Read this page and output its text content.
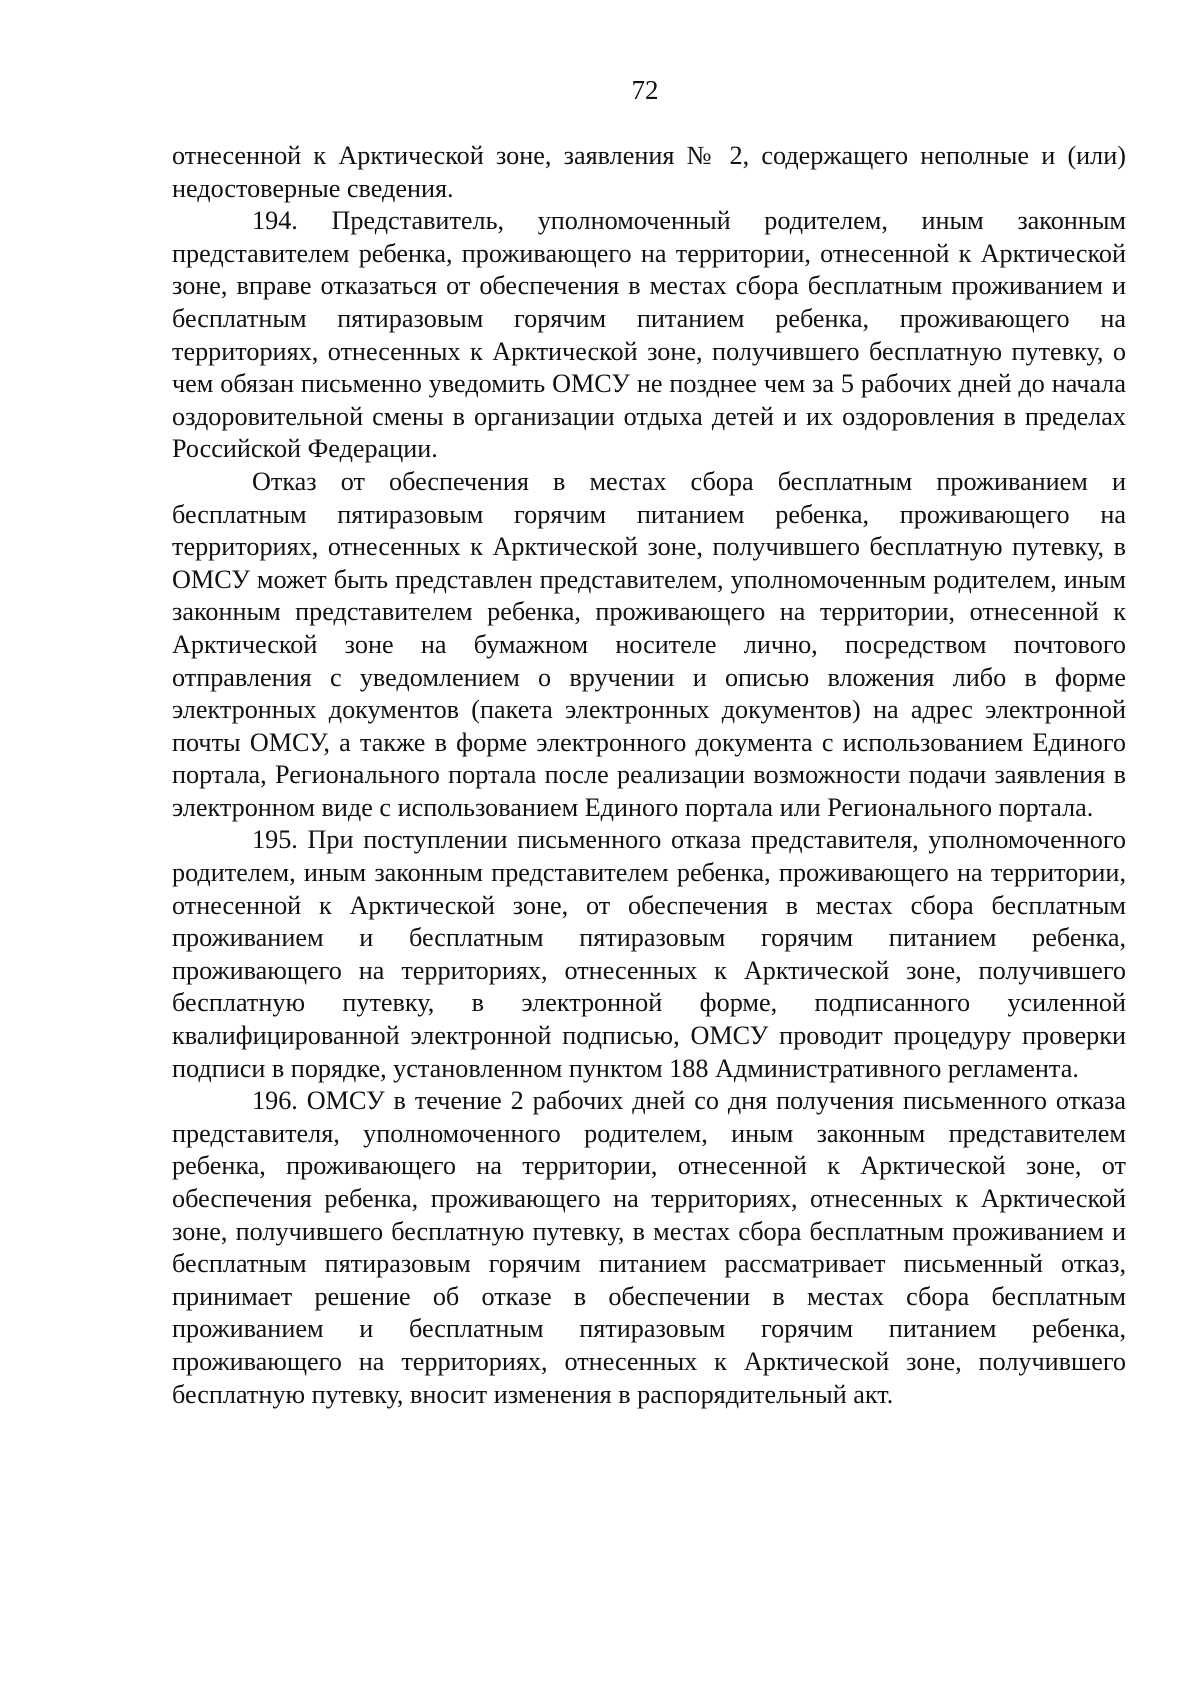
72

отнесенной к Арктической зоне, заявления № 2, содержащего неполные и (или) недостоверные сведения.

194. Представитель, уполномоченный родителем, иным законным представителем ребенка, проживающего на территории, отнесенной к Арктической зоне, вправе отказаться от обеспечения в местах сбора бесплатным проживанием и бесплатным пятиразовым горячим питанием ребенка, проживающего на территориях, отнесенных к Арктической зоне, получившего бесплатную путевку, о чем обязан письменно уведомить ОМСУ не позднее чем за 5 рабочих дней до начала оздоровительной смены в организации отдыха детей и их оздоровления в пределах Российской Федерации.

Отказ от обеспечения в местах сбора бесплатным проживанием и бесплатным пятиразовым горячим питанием ребенка, проживающего на территориях, отнесенных к Арктической зоне, получившего бесплатную путевку, в ОМСУ может быть представлен представителем, уполномоченным родителем, иным законным представителем ребенка, проживающего на территории, отнесенной к Арктической зоне на бумажном носителе лично, посредством почтового отправления с уведомлением о вручении и описью вложения либо в форме электронных документов (пакета электронных документов) на адрес электронной почты ОМСУ, а также в форме электронного документа с использованием Единого портала, Регионального портала после реализации возможности подачи заявления в электронном виде с использованием Единого портала или Регионального портала.

195. При поступлении письменного отказа представителя, уполномоченного родителем, иным законным представителем ребенка, проживающего на территории, отнесенной к Арктической зоне, от обеспечения в местах сбора бесплатным проживанием и бесплатным пятиразовым горячим питанием ребенка, проживающего на территориях, отнесенных к Арктической зоне, получившего бесплатную путевку, в электронной форме, подписанного усиленной квалифицированной электронной подписью, ОМСУ проводит процедуру проверки подписи в порядке, установленном пунктом 188 Административного регламента.

196. ОМСУ в течение 2 рабочих дней со дня получения письменного отказа представителя, уполномоченного родителем, иным законным представителем ребенка, проживающего на территории, отнесенной к Арктической зоне, от обеспечения ребенка, проживающего на территориях, отнесенных к Арктической зоне, получившего бесплатную путевку, в местах сбора бесплатным проживанием и бесплатным пятиразовым горячим питанием рассматривает письменный отказ, принимает решение об отказе в обеспечении в местах сбора бесплатным проживанием и бесплатным пятиразовым горячим питанием ребенка, проживающего на территориях, отнесенных к Арктической зоне, получившего бесплатную путевку, вносит изменения в распорядительный акт.
